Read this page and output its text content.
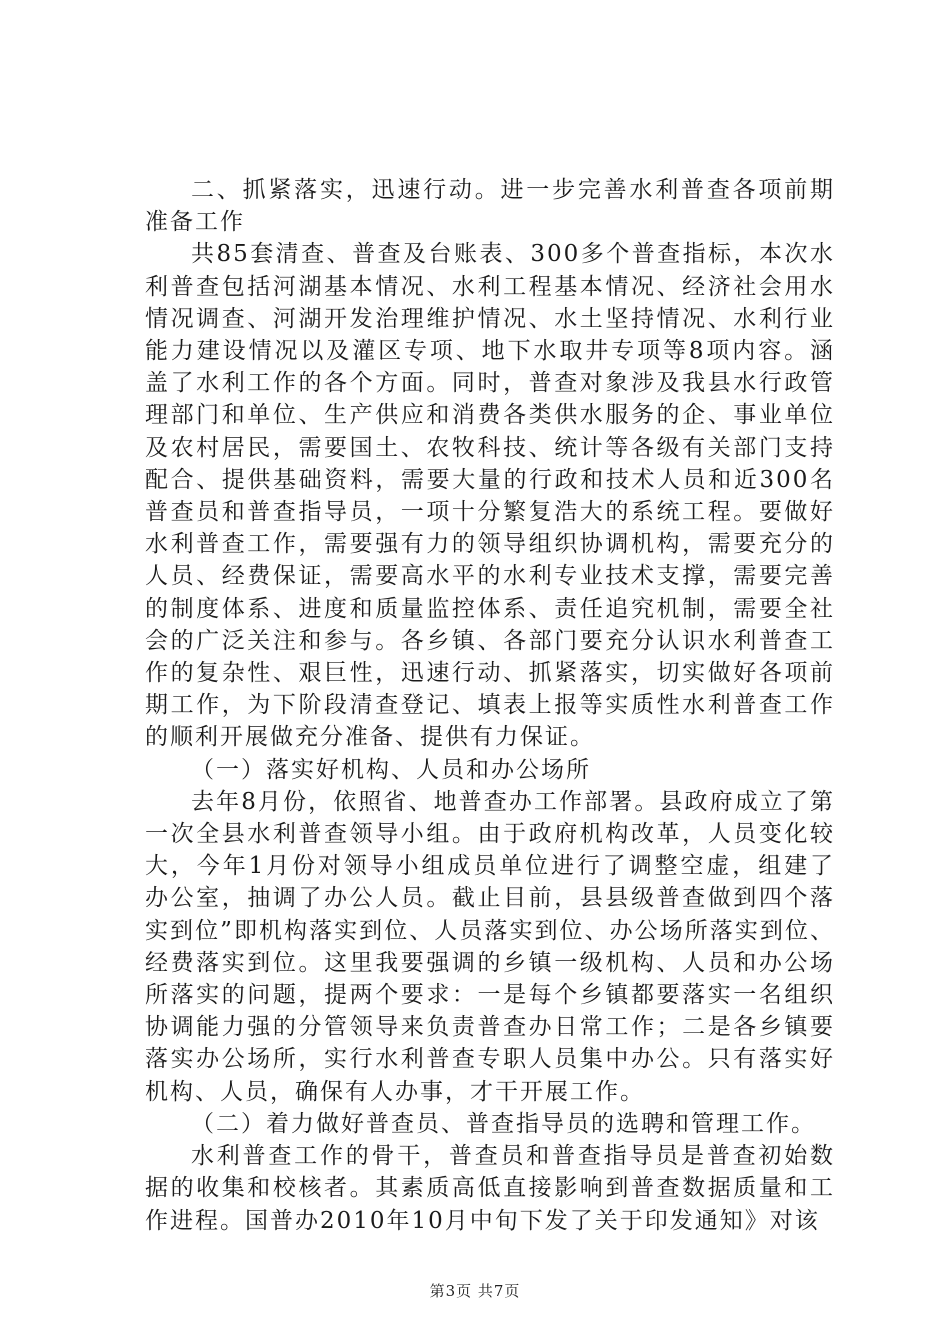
二、抓紧落实，迅速行动。进一步完善水利普查各项前期准备工作

共85套清查、普查及台账表、300多个普查指标，本次水利普查包括河湖基本情况、水利工程基本情况、经济社会用水情况调查、河湖开发治理维护情况、水土坚持情况、水利行业能力建设情况以及灌区专项、地下水取井专项等8项内容。涵盖了水利工作的各个方面。同时，普查对象涉及我县水行政管理部门和单位、生产供应和消费各类供水服务的企、事业单位及农村居民，需要国土、农牧科技、统计等各级有关部门支持配合、提供基础资料，需要大量的行政和技术人员和近300名普查员和普查指导员，一项十分繁复浩大的系统工程。要做好水利普查工作，需要强有力的领导组织协调机构，需要充分的人员、经费保证，需要高水平的水利专业技术支撑，需要完善的制度体系、进度和质量监控体系、责任追究机制，需要全社会的广泛关注和参与。各乡镇、各部门要充分认识水利普查工作的复杂性、艰巨性，迅速行动、抓紧落实，切实做好各项前期工作，为下阶段清查登记、填表上报等实质性水利普查工作的顺利开展做充分准备、提供有力保证。

（一）落实好机构、人员和办公场所

去年8月份，依照省、地普查办工作部署。县政府成立了第一次全县水利普查领导小组。由于政府机构改革，人员变化较大，今年1月份对领导小组成员单位进行了调整空虚，组建了办公室，抽调了办公人员。截止目前，县县级普查做到四个落实到位”即机构落实到位、人员落实到位、办公场所落实到位、经费落实到位。这里我要强调的乡镇一级机构、人员和办公场所落实的问题，提两个要求：一是每个乡镇都要落实一名组织协调能力强的分管领导来负责普查办日常工作；二是各乡镇要落实办公场所，实行水利普查专职人员集中办公。只有落实好机构、人员，确保有人办事，才干开展工作。

（二）着力做好普查员、普查指导员的选聘和管理工作。

水利普查工作的骨干，普查员和普查指导员是普查初始数据的收集和校核者。其素质高低直接影响到普查数据质量和工作进程。国普办2010年10月中旬下发了关于印发通知》对该

第3页 共7页
